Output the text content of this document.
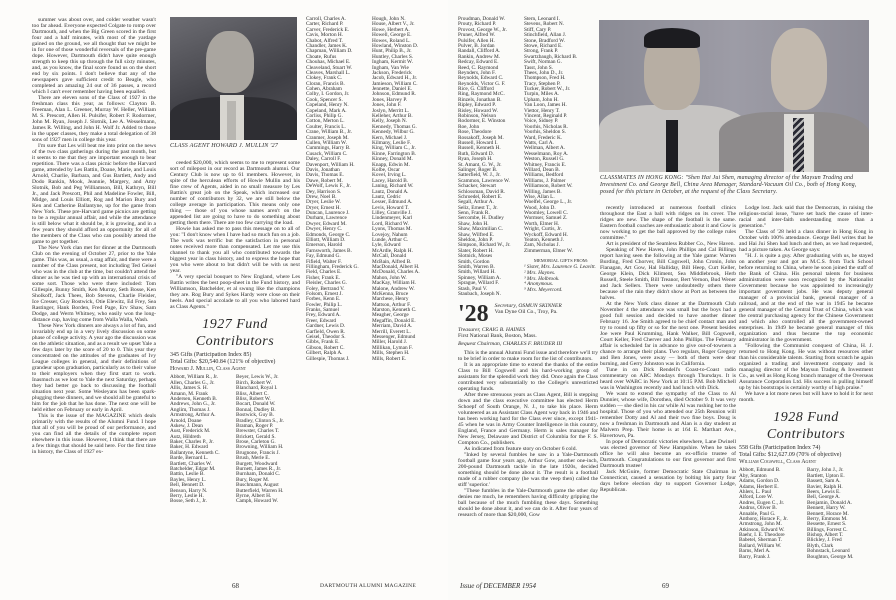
summer was about over, and colder weather wasn't too far ahead. Everyone expected Colgate to romp over Dartmouth, and when the Big Green scored in the first four and a half minutes, with most of the yardage gained on the ground, we all thought that we might be in for one of those wonderful reversals of the pre-game dope. However, Dartmouth didn't have quite enough strength to keep this up through the full sixty minutes, and, as you know, the final score found us on the short end by six points. I don't believe that any of the newspapers gave sufficient credit to Beagle, who completed an amazing 24 out of 36 passes, a record which I can't ever remember having been equalled.

There are eleven sons of the Class of 1927 in the freshman class this year, as follows: Clayton B. Freeman, Alan L. Greener, Murray W. Heller, William M. S. Prescott, Allen H. Pulsifer, Robert F. Rodormer, John M. Ryan, Joseph J. Slotnik, Lee A. Wesselmann, James R. Willing, and John H. Wolf Jr. Added to those in the upper classes, they make a total delegation of 38 sons of 1927 men in college this year.

I'm sure that Les will beat me into print on the news of the two class gatherings during the past month, but it seems to me that they are important enough to bear repetition. There was a class picnic before the Harvard game, attended by Les Battin, Doane, Marie, and Louis Arnold, Charlie, Barbara, and Gus Bartlett, Andy and Dodo Rankin, Mook, Jeannie, Margery, and Amy Slotnik, Bob and Peg Williamson, Bill, Kathryn, Bill Jr., and Jack Prescott, Phil and Madeline Fowler, Bill, Midge, and Louis Elliott, Rog and Marion Bury and Ken and Catherine Ballantyne, up for the game from New York. These pre-Harvard game picnics are getting to be a regular annual affair, and while the attendance is still below what it should be, it is growing, and in a few years they should afford an opportunity for all of the members of the Class who can possibly attend the game to get together.

The New York clan met for dinner at the Dartmouth Club on the evening of October 27, prior to the Yale game. This was, as usual, a stag affair, and there were a number of the Class present, not including Ted Geisel who was in the club at the time, but couldn't attend the dinner as he was tied up with an international crisis of some sort. Those who were there included: Tom Gillespie, Bunny Smith, Ken Murray, Seth Bosse, Ken Sholkoff, Jack Thees, Bob Stevens, Charlie Fleisler, Ice Cresser, Guy Bostwick, Otie Elewitz, Ed Frey, Sea Rastinger, Hank Borden, Fred Page, Erv Shaw, Sam Dodge, and Werm Whitney, who easily won the long-distance cup, having come from Walla Walla, Wash.

These New York dinners are always a lot of fun, and invariably end up in a very lively discussion on some phase of college activity. A year ago the discussion was on the athletic situation, and as a result we upset Yale a few days later by the score of 20 to 0. This year they concentrated on the attitudes of the graduates of Ivy League colleges in general, and their definitions of grandeur upon graduation, particularly as to their value to their employers when they first start to work. Inasmuch as we lost to Yale the next Saturday, perhaps they had better go back to discussing the football situation next year. Some Wesleyans has been spark-plugging these dinners, and we should all be grateful to him for the job that he has done. The next one will be held either on February or early in April.

This is the issue of the MAGAZINE which deals primarily with the results of the Alumni Fund. I hope that all of you will be proud of our performance, and you can find all the details of the complete report elsewhere in this issue. However, I think that there are a few things that should be said here. For the first time in history, the Class of 1927 ex-

CLASS AGENT HOWARD J. MULLIN '27

ceeded $20,000, which seems to me to represent some sort of milepost in our record as Dartmouth alumni. Our Century Club is now up to 61 members. However, in spite of the herculean efforts of Howie Mullin and his fine crew of Agents, aided in no small measure by Les Battin's great job on the Speak, which increased our number of contributors by 32, we are still below the college average in participation. This means only one thing — those of you whose names aren't on the appended list are going to have to do something about getting them there. There are too few carrying the load.

Howie has asked me to pass this message on to all of you: "I don't know when I have had so much fun on a job. The work was terrific but the satisfaction in personal notes received more than compensated. Let me use this channel to thank you all who contributed towards the biggest year in class history, and to express the hope that you who were about to but didn't will be with us next year.

"A very special bouquet to New England, where Les Battin writes the best poop-sheet in the Fund history, and Williamson, Batchelder, et al swung like the champions they are. Rog Bury and Sykes Hardy were close on their heels. And special accolade to all you who labored hard as Class Agents."

1927 Fund Contributors

345 Gifts (Participation Index 85)

Total Gifts: $20,540.84 (121% of objective)

Howard J. Mullin, Class Agent

Abbott, William R., Jr.
Allen, Charles G., Jr.
Allis, James S. H.
Amann, M. Frank
Andersen, Kenneth B.
Andrews, John G., Jr.
Anglim, Thomas J.
Armstrong, Arthur A.
Arnold, Doane
Askew, J. Dean
Aust, Frederick M.
Autz, Hildreth
Baker, Charles P., Jr.
Baker, H. Edward
Ballantyne, Kenneth C.
Barde, Bernard L.
Bartlett, Charles W.
Batchelder, Edgar M.
Battin, Leslie B.
Bayles, Henry L.
Bell, Bennett D.
Benson, Harry N.
Berry, Leslie H.
Bosse, Seth J., Jr.
Beyer, Lewis W., Jr.
Birch, Robert W.
Blanchard, Royal I.
Bliss, Albert C.
Bliss, Robert W.
Bocart, Donald W.
Bonnal, Dudley B.
Bostwick, Guy B.
Bradley, Clinton S., Jr.
Braman, Roger P.
Brewster, Charles T.
Brickett, Gerald S.
Brose, Carleton G.
Browning, William H.
Brugnone, Francis J.
Brush, Merle E.
Burgett, Woodward
Burnett, James R., Jr.
Burnham, Donald C.
Bury, Roger M.
Buschmann, August
Butterfield, Warren H.
Byrne, Albert H.
Camph, Howard W.
Carroll, Charles A.
Carter, Richard P.
Carver, Frederick E.
Cavis, Morton H.
Chabot, Alfred T.
Chandler, James K.
Chapman, William D.
Choate, Rufus
Chouhas, Michael E.
Cleaveland, Stuart W.
Cleaves, Marshall L.
Clokey, Frank C.
Cloran, Francis B.
Cohen, Abraham
Colby, I. Gordon, Jr.
Cook, Spencer S.
Copeland, Henry N.
Copeland, Mark A.
Corliss, Philip G.
Cotton, Merton L.
Coulter, Francis L.
Crane, William B., Jr.
Cranmer, Joseph M.
Cullen, William W.
Cummings, Harry B.
Cusack, William C.
Daley, Carroll F.
Davenport, William H.
Davis, Jonathan
Davis, Thomas E.
Dawe, Robert M.
DeWolf, Lewis F., Jr.
Dey, Harrison S.
Drew, Noel B.
Dryer, Leslie W.
Dryer, Ernest H.
Duncan, Laurence J.
Durham, Lawrence
Dwyer, Edward M.
Dwyer, Henry C.
Edmonds, George C.
Elliott, William D.
Emerson, Harold
Farnsworth, James B.
Fay, Edmund G.
Fifield, Walter F.
Fillingham, Frederick G.
Field, Charles E.
Fisher, Frank E.
Fleisler, Charles G.
Foley, Bertrand V.
Folsom, Ernest J.
Forbes, Kenn E.
Fowler, Philip L.
Franks, Samuel
Frey, Edward A.
Freer, Edward
Gardner, Lewis D.
Garfield, Owen R.
Geisel, Theodor S.
Gibbs, Frank E.
Gibson, Robert C.
Gilbert, Ralph A.
Gillespie, Thomas J.
Hough, John N.
House, Albert V., Jr.
Howe, Herbert A.
Howell, George E.
Howes, Roland L.
Howland, Winston D.
Hunt, Philip B., Jr.
Huntley, Charles S.
Ingham, Kermit W.
Ingham, Van Wie
Jackson, Frederick
Jacob, Edward H., Jr.
Jamieson, William C.
Jennette, Daniel E.
Johnson, Edmund R.
Jones, Harvey P.
Jones, John F.
Joslyn, Merritt L.
Kelleher, Arthur B.
Kelly, Joseph N.
Kennedy, Thomas G.
Kennedy, Wilbur G.
Kern, Michael J.
Kilmany, Leslie F.
King, William C., Jr.
Kinne, Farrington B.
Kinney, Donald M.
Knapp, Edwin M.
Kolbe, Oscar
Kovel, Irving L.
Lacey, Harold B.
Laning, Richard W.
Lautz, Donald A.
Lautz, Cedric
Lesser, Edmund A.
Levis, Howard T.
Lilley, Granville J.
Lindenmeyer, Karl
Lord, Richard W.
Lyons, Thomas M.
Lovejoy, Nahum
Lunde, Arthur C.
Lyle, Edward
McArdle, Ralph H.
McCall, Donald
McBain, Alfred B.
MacDonald, Albert H.
McDonald, Charles A.
Mahon, John W.
MacKay, William H.
Malone, Andrew W.
McKenna, Bruce
Marchese, Henry
Mattson, Arthur F.
Marston, Kenneth C.
Meagher, George
Megaffin, Donald E.
Merriam, David A.
Merrill, Everett L.
Messenger, Edmund
Miller, Harold J.
Millikan, Lyman F.
Mills, Stephen H.
Mills, Robert E.
Proudman, Donald W.
Prouty, Richard P.
Provost, George W., Jr.
Pruner, Alfred W.
Pulsifer, Allen H.
Pulver, B. Jordan
Randall, Clifford A.
Rankin, Andrew M.
Redcay, Edward E.
Reed, C. Raymond
Reynders, John F.
Reynolds, Edward C.
Reynolds, Victor G. F.
Rice, G. Clifford
Ring, Raymond McC.
Rinzels, Jonathan B.
Ripley, Edward P.
Risley, Howard W.
Robinson, Nelson
Rodormer, E. Winston
Roe, John
Rose, Theodore
Rossakoff, Joseph M.
Russell, Howard I.
Russell, Kenneth H.
Ruth, Edward D.
Ryan, Joseph H.
St. Amant, G. W., Jr.
Salinger, Roger B.
Satterfield, W. J., Jr.
Scammon, Lawrence W.
Schacker, Stewart
Schlossman, David R.
Schroedel, Robert E.
Segall, Arthur A.
Seliz, Ernest T., Jr.
Senn, Frank R.
Sercombe, H. Dudley
Shaw, John H.
Shaw, Maximilian C.
Shaw, Wilfred E.
Sheldon, John P.
Simpson, Richard W., Jr.
Slater, Robert H.
Slotnick, Moses
Smith, Gordon
Smith, Warren B.
Smith, Willard H.
Spinney, William A.
Sprague, Willard F.
Stash, Paul V.
Staubach, Joseph N.
Stern, Leonard I.
Stevens, Robert N.
Stiff, Cary P.
Stinchfield, Allan J.
Stone, Bradford W.
Stowe, Richard E.
Strong, Frank P.
Swartzbaugh, Richard B.
Swift, Norman G.
Tasst, John S.
Thees, John D., Jr.
Thompson, Fred H.
Tracy, Stephen P.
Tucker, Robert W., Jr.
Turpin, Miles A.
Upham, John H.
Van Loon, James H.
Viettor, Henry T.
Vincent, Reginald P.
Voice, Sidney P.
Voorhis, Nicholas R.
Voorhis, Sheldon S.
Ward, Frederic K.
Watts, Carl A.
Wellman, Albert A.
Wesselmann, Roy A.
Weston, Russell G.
Whitney, Francis E.
Willard, Dean B.
Williams, Bedford
Williams, J. Palmer
Williamson, Robert W.
Willing, James B.
Wise, Allan L.
Woelfel, George L., Jr.
Wood, John D.
Woomley, Lowell C.
Wormser, Samuel Z.
Worth, Elmer H.
Wright, Curtis, Jr.
Wyckoff, Edward H.
Yeaton, Kenneth J.
Zam, Nicholas J.
Zimmerman, Elmer W.
MEMORIAL GIFTS FROM:
¹ Sister, Mrs. Laurence G. Leavitt.
² Mrs. Haynes.
³ Mrs. Holbrook.
⁴ Anonymous.
⁵ Mrs. Meyercord.
'28	Secretary, OSMUN SKINNER
Van Dyne Oil Co., Troy, Pa.
Treasurer, CRAIG B. HAINES
First National Bank, Boston, Mass.
Bequest Chairman, CHARLES F. BRUDER III

This is the annual Alumni Fund issue and therefore we'll try to be brief in order to make room for the list of contributors.

It is an appropriate time to extend the thanks of the entire Class to Bill Cogswell and his hard-working group of assistants for the splendid work they did. Once again the Class contributed very substantially to the College's unrestricted operating funds.

After three strenuous years as Class Agent, Bill is stepping down and the class executive committee has elected Herm Schoepf of South Orange, N. J., to take his place. Herm volunteered as an Assistant Class Agent way back in 1946 and has been working hard for the Class ever since, except 1941-45 when he was in Army Counter Intelligence in this country, England, France and Germany. Herm is sales manager for New Jersey, Delaware and District of Columbia for the F. S. Compton Co., publishers.

As indicated from feature story on October 6 cold.

"Inked by several fumbles he saw in a Yale-Dartmouth football game four years ago, Arthur Gow, another one-inch, 200-pound Dartmouth tackle in the late 1920s, decided something should be done about it. The result is a football made of a rubber company (he was the veep then) called the stiff 'superior.'

"These fumbles in the Yale-Dartmouth game the other day denies me much, he remembers having difficulty gripping the ball because of the much fumbling these days. Something should be done about it, and we can do it. After four years of research of more than $20,000, Gow

CLASSMATES IN HONG KONG: "Shen Hai Jui Shen, managing director of the Maysun Trading and Investment Co. and George Bell, China Area Manager, Standard-Vacuum Oil Co., both of Hong Kong, posed for this picture in October, at the request of the Class Secretary.

recently introduced at numerous football clinics throughout the East a ball with ridges on its cover. The ridges are new. The shape of the football is the same. Eastern football coaches are enthusiastic about it and Gow is now working to get the ball approved by the college rules committee."

Art is president of the Seamless Rubber Co., New Haven.

Speaking of New Haven, John Phillips and Cal Billings report having seen the following at the Yale game: Warren Burding, Fred Chorver, Bill Cogswell, John Cronin, John Flanagan, Art Gow, Hal Halliday, Bill Heep, Curt Keller, George Klein, Dick Kliment, Sea Middlebrook, Herb Russell, Steele Smith, Bill Treanor, Bert Vernon, Bud Wener and Jack Sellers. There were undoubtedly others there because of the rain they didn't show at Port as between the halves.

At the New York class dinner at the Dartmouth Club November 4 the attendance was small but the boys had a good full session and decided to have another dinner February 16. Joe Smith agreed to be chief contact man and try to round up fifty or so for the next one. Present besides Joe were Paul Krumming, Hank Walker, Bill Cogswell, Court Keller, Fred Cherver and John Phillips. The February affair is scheduled far in advance to give out-of-towners a chance to arrange their plans. Two regulars, Roger Gregory and Ben Jones, were away — both of them were dear burning, and Gerry Johnston was in California.

Tune in on Dick Rendell's Coast-to-Coast radio commentary on ABC Mondays through Thursdays. It is heard over WABC in New York at 10:15 P.M. Bob Mitchell was in Washington recently and had lunch with Dick.

We want to extend the sympathy of the Class to Al Dunnier, whose wife, Dorothea, died October 9. It was very sudden — she died in his car while Al was rushing her to the hospital. Those of you who attended our 25th Reunion will remember Dotty and Al and their two fine boys. Doug is now a freshman in Dartmouth and Alan is a day student at Malvern Prep. Their home is at 164 E. Marthart Ave., Havertown, Pa.

In pope of Democratic victories elsewhere, Lane Dwinell was elected governor of New Hampshire. When he takes office he will also become an ex-officio trustee of Dartmouth. Congratulations to our first governor and first Dartmouth trustee!

Jack McGuire, former Democratic State Chairman in Connecticut, caused a sensation by bolting his party four days before election day to support Governor Lodge, Republican.

Lodge lost. Jack said that the Democrats, in raising the religious-racial issue, "have set back the cause of inter-racial and inter-faith understanding more than a generation."

The Class of '28 held a class dinner in Hong Kong in October with 100% attendance. George Bell writes that he and Hai Jui Shen had lunch and then, as we had requested, had a picture taken. As George says:

"H. J. is quite a guy. After graduating with us, he stayed on another year and got an M.C.S. from Tuck School before returning to China, where he soon joined the staff of the Bank of China. His personal talents for business administration were soon recognized by the Nationalist Government because he was appointed to increasingly important government jobs. He was deputy general manager of a provincial bank, general manager of a railroad, and at the end of the war in 1945 he became general manager of the Central Trust of China, which was the central purchasing agency for the Chinese Government and which also controlled all the government-owned enterprises. In 1949 he became general manager of this organization and thus became the top economic administrator in the government.

"Following the Communist conquest of China, H. J. returned to Hong Kong. He was without resources other than his considerable talents. Starting from scratch he again organized a trading and investment company and is managing director of the Maysun Trading & Investment Co., as well as Hong Kong branch manager of the Overseas Assurance Corporation Ltd. His success in pulling himself up by his bootstraps is certainly worthy of high praise."

We have a lot more news but will have to hold it for next month.

1928 Fund Contributors

558 Gifts (Participation Index 74)

Total Gifts: $12,627.09 (70% of objective)

William Cogswell, Class Agent

Abbott, Edmund B.
Aby, Stanton
Adams, Gordon D.
Adams, Herbert E.
Ahlers, L. Paul
Alford, Lore W.
Andres, Eugen C., Jr.
Andrus, Oliver B.
Annable, Paul G.
Anthony, Horace F., Jr.
Armstrong, John M.
Atkinson, Edward W.
Baehr, I. E. Theodore
Babetel, Sherman T.
Ballard, William W.
Barns, Merl A.
Barry, Frank J.
Barry, John J., Jr.
Bartlett, Upton E.
Bassett, Sam A.
Bavier, Ralph H.
Beers, Lewis E.
Bell, George A.
Benjamin, Donald A.
Bennett, Harry W.
Bennett, Horace M.
Berry, Emmons M.
Bessette, Ernest S.
Billings, Forrest C.
Bishop, Albert T.
Blickley, J. Fred
Blyth, Clark
Bohnstack, Leonard
Boughton, George M.
68	DARTMOUTH ALUMNI MAGAZINE	Issue of DECEMBER 1954	69
